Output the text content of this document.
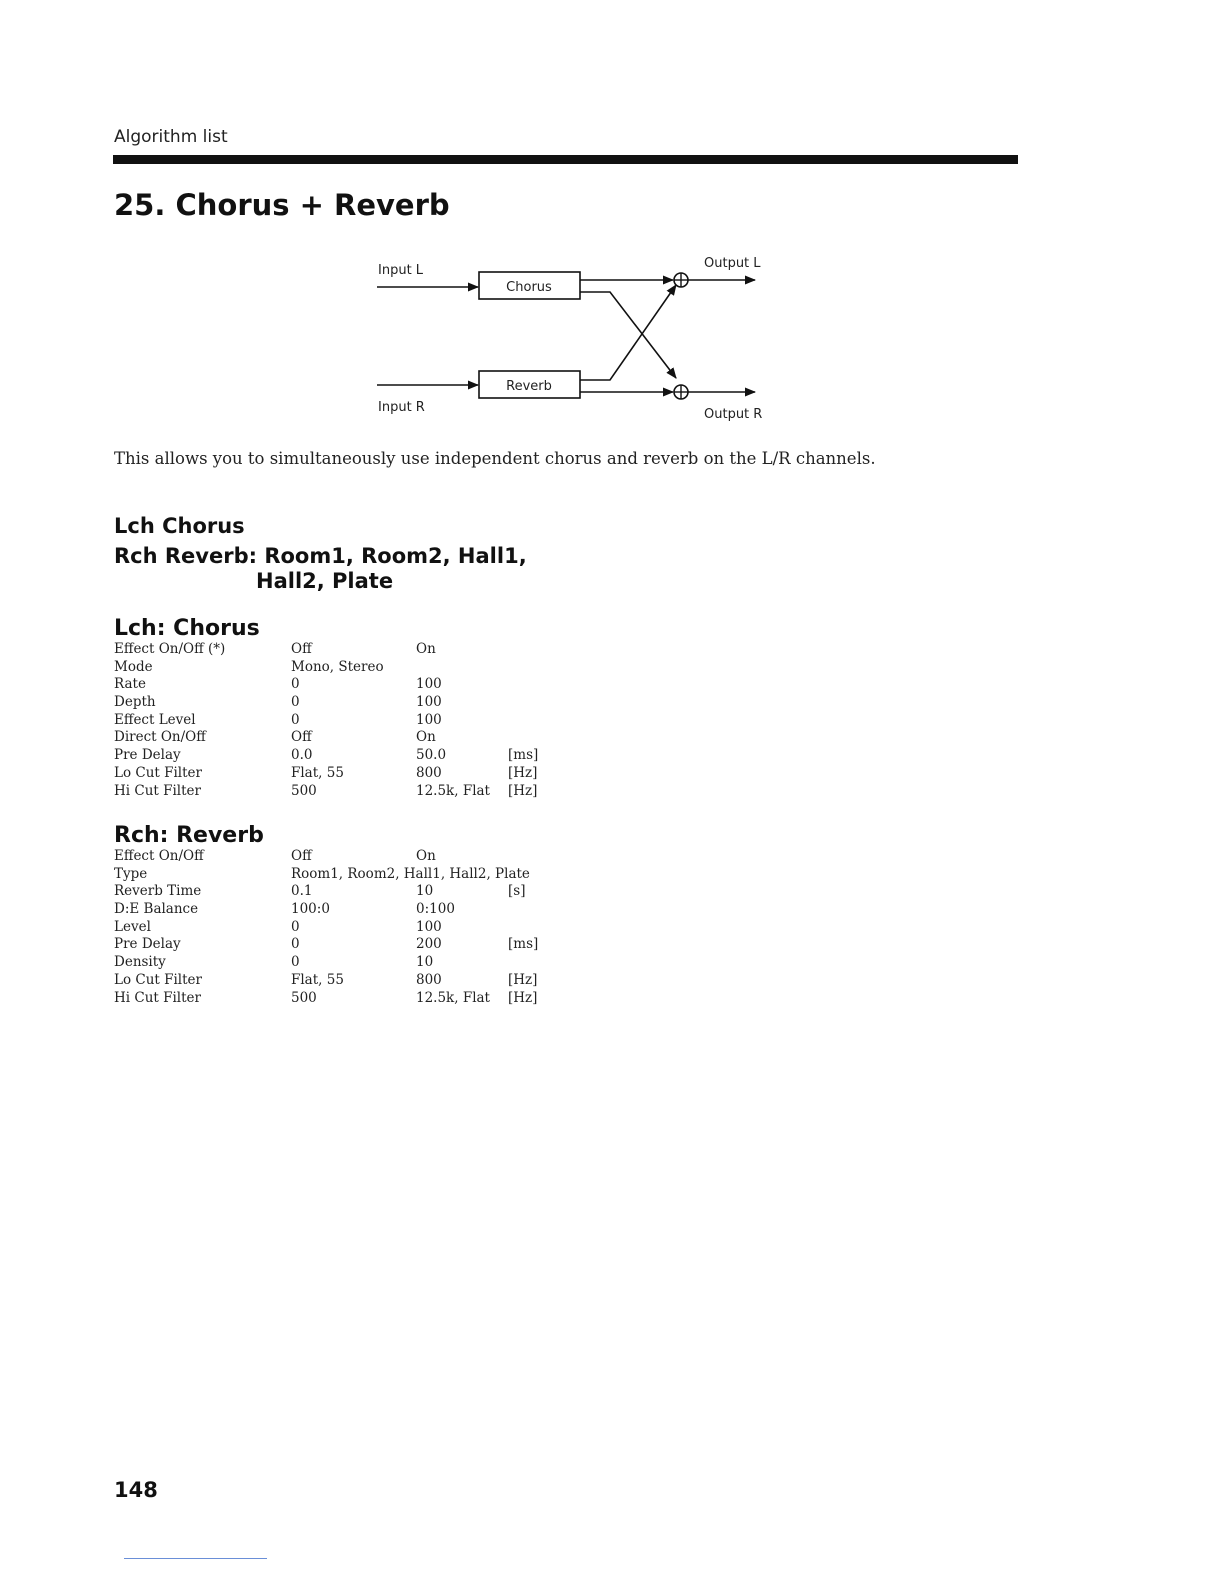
Algorithm list
25. Chorus + Reverb
Input L
Chorus
Input R
Reverb
Output L
Output R

This allows you to simultaneously use independent chorus and reverb on the L/R channels.

Lch Chorus
Rch Reverb: Room1, Room2, Hall1,
Hall2, Plate
Lch: Chorus
Effect On/Off (*)	Off	On
Mode	Mono, Stereo
Rate	0	100
Depth	0	100
Effect Level	0	100
Direct On/Off	Off	On
Pre Delay	0.0	50.0	[ms]
Lo Cut Filter	Flat, 55	800	[Hz]
Hi Cut Filter	500	12.5k, Flat [Hz]
Rch: Reverb
Effect On/Off	Off	On
Type	Room1, Room2, Hall1, Hall2, Plate
Reverb Time	0.1	10	[s]
D:E Balance	100:0	0:100
Level	0	100
Pre Delay	0	200	[ms]
Density	0	10
Lo Cut Filter	Flat, 55	800	[Hz]
Hi Cut Filter	500	12.5k, Flat [Hz]
148
